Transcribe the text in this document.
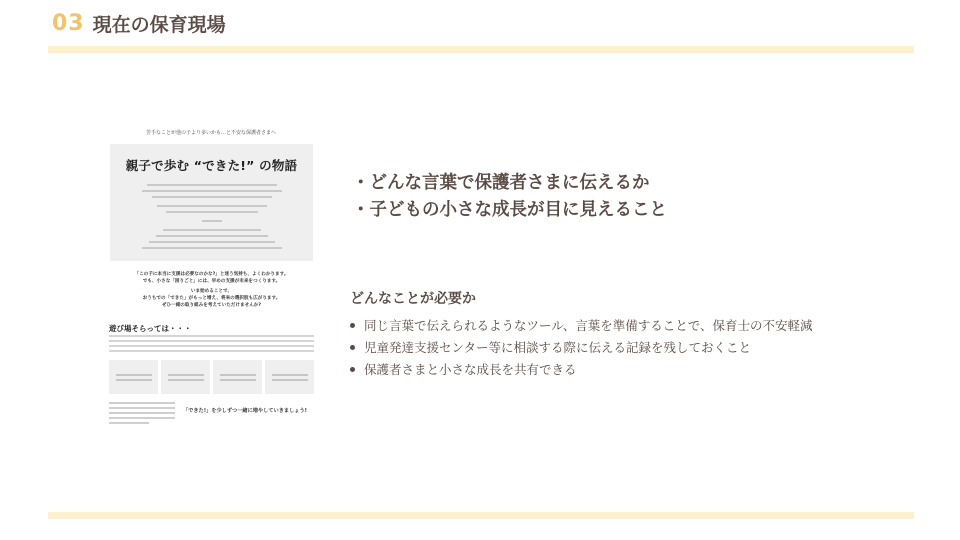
03 現在の保育現場
苦手なことが他の子より多いかも…と不安な保護者さまへ
親子で歩む “できた!” の物語
「この子に本当に支援は必要なのかな?」と迷う気持ち、よくわかります。
でも、小さな「困りごと」には、早めの支援が未来をつくります。
いま始めることで、
おうちでの「できた」がもっと増え、将来の選択肢も広がります。
ぜひ一緒の取り組みを考えていただけませんか?
遊び場そらっては・・・
「できた!」を少しずつ一緒に増やしていきましょう!
・どんな言葉で保護者さまに伝えるか
・子どもの小さな成長が目に見えること
どんなことが必要か
同じ言葉で伝えられるようなツール、言葉を準備することで、保育士の不安軽減
児童発達支援センター等に相談する際に伝える記録を残しておくこと
保護者さまと小さな成長を共有できる
